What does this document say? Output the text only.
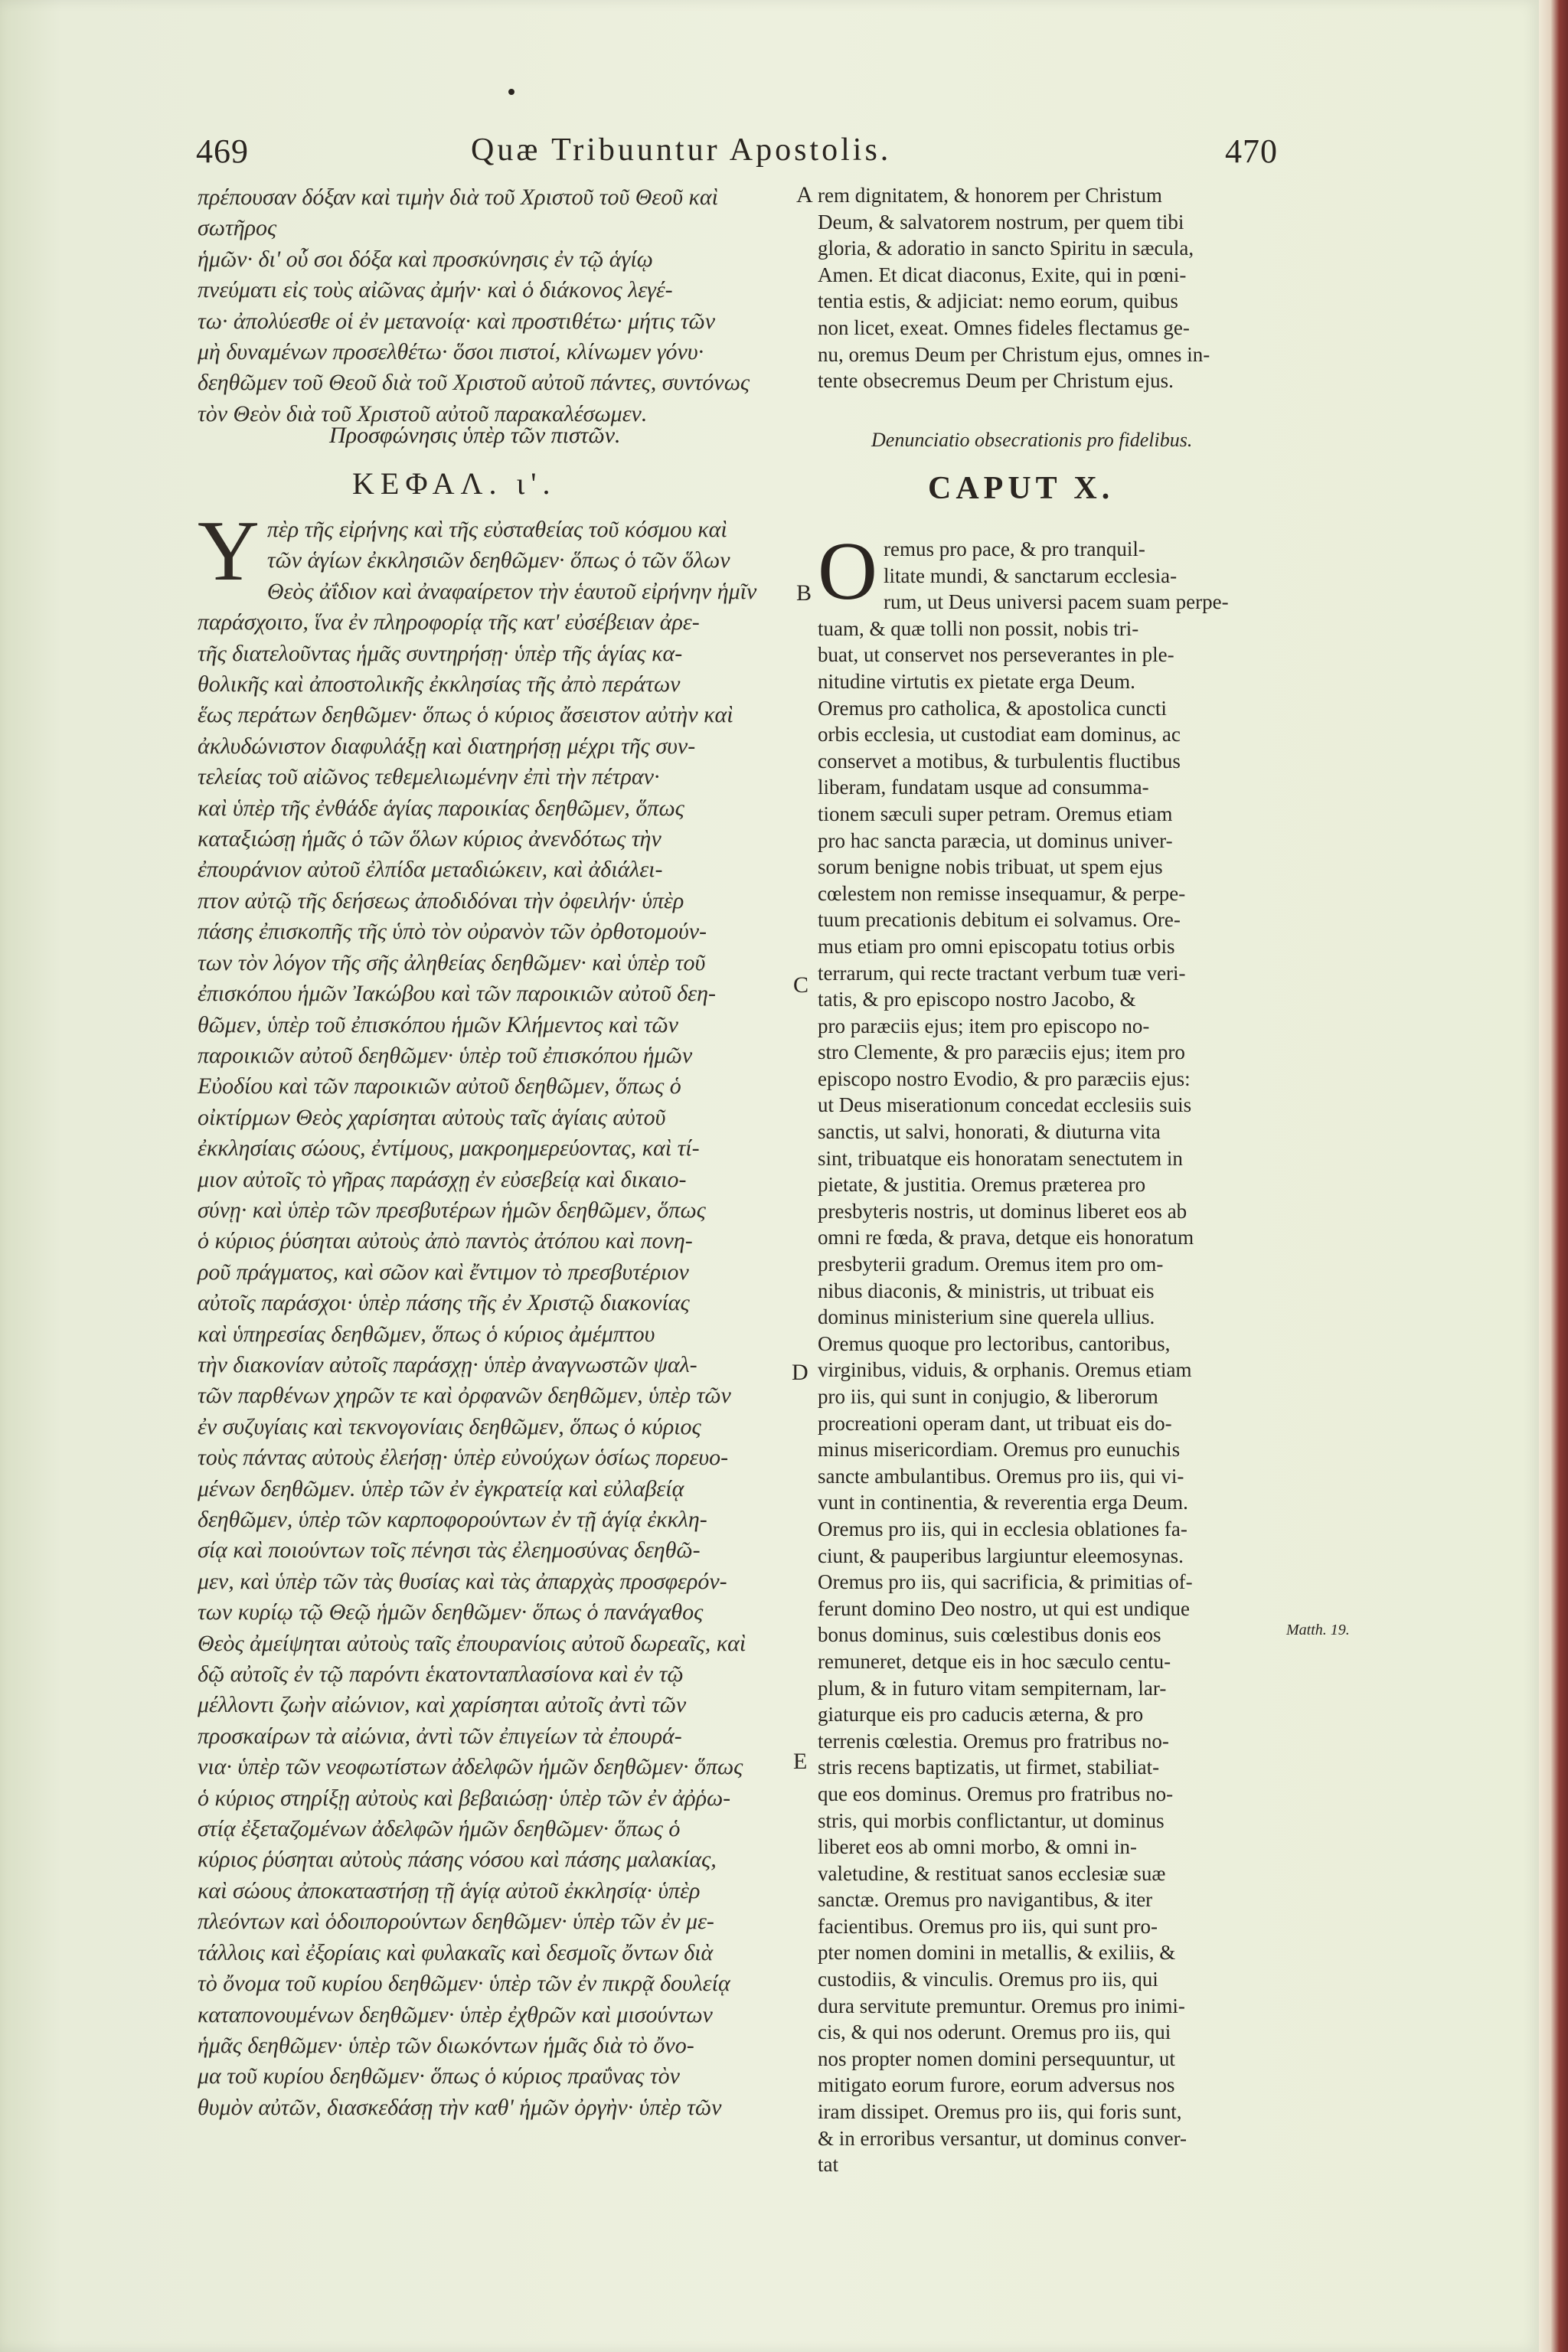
469	Quæ Tribuuntur Apostolis.	470

πρέπουσαν δόξαν καὶ τιμὴν διὰ τοῦ Χριστοῦ τοῦ Θεοῦ καὶ σωτῆρος
ἡμῶν· δι' οὗ σοι δόξα καὶ προσκύνησις ἐν τῷ ἁγίῳ
πνεύματι εἰς τοὺς αἰῶνας ἀμήν· καὶ ὁ διάκονος λεγέ-
τω· ἀπολύεσθε οἱ ἐν μετανοίᾳ· καὶ προστιθέτω· μήτις τῶν
μὴ δυναμένων προσελθέτω· ὅσοι πιστοί, κλίνωμεν γόνυ·
δεηθῶμεν τοῦ Θεοῦ διὰ τοῦ Χριστοῦ αὐτοῦ πάντες, συντόνως
τὸν Θεὸν διὰ τοῦ Χριστοῦ αὐτοῦ παρακαλέσωμεν.

Προσφώνησις ὑπὲρ τῶν πιστῶν.
ΚΕΦΑΛ. ι'.
Υ πὲρ τῆς εἰρήνης καὶ τῆς εὐσταθείας τοῦ κόσμου καὶ
τῶν ἁγίων ἐκκλησιῶν δεηθῶμεν· ὅπως ὁ τῶν ὅλων
Θεὸς ἀΐδιον καὶ ἀναφαίρετον τὴν ἑαυτοῦ εἰρήνην ἡμῖν
παράσχοιτο, ἵνα ἐν πληροφορίᾳ τῆς κατ' εὐσέβειαν ἀρε-
τῆς διατελοῦντας ἡμᾶς συντηρήσῃ· ὑπὲρ τῆς ἁγίας κα-
θολικῆς καὶ ἀποστολικῆς ἐκκλησίας τῆς ἀπὸ περάτων
ἕως περάτων δεηθῶμεν· ὅπως ὁ κύριος ἄσειστον αὐτὴν καὶ
ἀκλυδώνιστον διαφυλάξῃ καὶ διατηρήσῃ μέχρι τῆς συν-
τελείας τοῦ αἰῶνος τεθεμελιωμένην ἐπὶ τὴν πέτραν·
καὶ ὑπὲρ τῆς ἐνθάδε ἁγίας παροικίας δεηθῶμεν, ὅπως
καταξιώσῃ ἡμᾶς ὁ τῶν ὅλων κύριος ἀνενδότως τὴν
ἐπουράνιον αὐτοῦ ἐλπίδα μεταδιώκειν, καὶ ἀδιάλει-
πτον αὐτῷ τῆς δεήσεως ἀποδιδόναι τὴν ὀφειλήν· ὑπὲρ
πάσης ἐπισκοπῆς τῆς ὑπὸ τὸν οὐρανὸν τῶν ὀρθοτομούν-
των τὸν λόγον τῆς σῆς ἀληθείας δεηθῶμεν· καὶ ὑπὲρ τοῦ
ἐπισκόπου ἡμῶν Ἰακώβου καὶ τῶν παροικιῶν αὐτοῦ δεη-
θῶμεν, ὑπὲρ τοῦ ἐπισκόπου ἡμῶν Κλήμεντος καὶ τῶν
παροικιῶν αὐτοῦ δεηθῶμεν· ὑπὲρ τοῦ ἐπισκόπου ἡμῶν
Εὐοδίου καὶ τῶν παροικιῶν αὐτοῦ δεηθῶμεν, ὅπως ὁ
οἰκτίρμων Θεὸς χαρίσηται αὐτοὺς ταῖς ἁγίαις αὐτοῦ
ἐκκλησίαις σώους, ἐντίμους, μακροημερεύοντας, καὶ τί-
μιον αὐτοῖς τὸ γῆρας παράσχῃ ἐν εὐσεβείᾳ καὶ δικαιο-
σύνῃ· καὶ ὑπὲρ τῶν πρεσβυτέρων ἡμῶν δεηθῶμεν, ὅπως
ὁ κύριος ῥύσηται αὐτοὺς ἀπὸ παντὸς ἀτόπου καὶ πονη-
ροῦ πράγματος, καὶ σῶον καὶ ἔντιμον τὸ πρεσβυτέριον
αὐτοῖς παράσχοι· ὑπὲρ πάσης τῆς ἐν Χριστῷ διακονίας
καὶ ὑπηρεσίας δεηθῶμεν, ὅπως ὁ κύριος ἀμέμπτου
τὴν διακονίαν αὐτοῖς παράσχῃ· ὑπὲρ ἀναγνωστῶν ψαλ-
τῶν παρθένων χηρῶν τε καὶ ὀρφανῶν δεηθῶμεν, ὑπὲρ τῶν
ἐν συζυγίαις καὶ τεκνογονίαις δεηθῶμεν, ὅπως ὁ κύριος
τοὺς πάντας αὐτοὺς ἐλεήσῃ· ὑπὲρ εὐνούχων ὁσίως πορευο-
μένων δεηθῶμεν. ὑπὲρ τῶν ἐν ἐγκρατείᾳ καὶ εὐλαβείᾳ
δεηθῶμεν, ὑπὲρ τῶν καρποφορούντων ἐν τῇ ἁγίᾳ ἐκκλη-
σίᾳ καὶ ποιούντων τοῖς πένησι τὰς ἐλεημοσύνας δεηθῶ-
μεν, καὶ ὑπὲρ τῶν τὰς θυσίας καὶ τὰς ἀπαρχὰς προσφερόν-
των κυρίῳ τῷ Θεῷ ἡμῶν δεηθῶμεν· ὅπως ὁ πανάγαθος
Θεὸς ἀμείψηται αὐτοὺς ταῖς ἐπουρανίοις αὐτοῦ δωρεαῖς, καὶ
δῷ αὐτοῖς ἐν τῷ παρόντι ἑκατονταπλασίονα καὶ ἐν τῷ
μέλλοντι ζωὴν αἰώνιον, καὶ χαρίσηται αὐτοῖς ἀντὶ τῶν
προσκαίρων τὰ αἰώνια, ἀντὶ τῶν ἐπιγείων τὰ ἐπουρά-
νια· ὑπὲρ τῶν νεοφωτίστων ἀδελφῶν ἡμῶν δεηθῶμεν· ὅπως
ὁ κύριος στηρίξῃ αὐτοὺς καὶ βεβαιώσῃ· ὑπὲρ τῶν ἐν ἀῤῥω-
στίᾳ ἐξεταζομένων ἀδελφῶν ἡμῶν δεηθῶμεν· ὅπως ὁ
κύριος ῥύσηται αὐτοὺς πάσης νόσου καὶ πάσης μαλακίας,
καὶ σώους ἀποκαταστήσῃ τῇ ἁγίᾳ αὐτοῦ ἐκκλησίᾳ· ὑπὲρ
πλεόντων καὶ ὁδοιπορούντων δεηθῶμεν· ὑπὲρ τῶν ἐν με-
τάλλοις καὶ ἐξορίαις καὶ φυλακαῖς καὶ δεσμοῖς ὄντων διὰ
τὸ ὄνομα τοῦ κυρίου δεηθῶμεν· ὑπὲρ τῶν ἐν πικρᾷ δουλείᾳ
καταπονουμένων δεηθῶμεν· ὑπὲρ ἐχθρῶν καὶ μισούντων
ἡμᾶς δεηθῶμεν· ὑπὲρ τῶν διωκόντων ἡμᾶς διὰ τὸ ὄνο-
μα τοῦ κυρίου δεηθῶμεν· ὅπως ὁ κύριος πραΰνας τὸν
θυμὸν αὐτῶν, διασκεδάσῃ τὴν καθ' ἡμῶν ὀργὴν· ὑπὲρ τῶν

A
B
C
D
E

rem dignitatem, & honorem per Christum
Deum, & salvatorem nostrum, per quem tibi
gloria, & adoratio in sancto Spiritu in sæcula,
Amen. Et dicat diaconus, Exite, qui in pœni-
tentia estis, & adjiciat: nemo eorum, quibus
non licet, exeat. Omnes fideles flectamus ge-
nu, oremus Deum per Christum ejus, omnes in-
tente obsecremus Deum per Christum ejus.

Denunciatio obsecrationis pro fidelibus.
CAPUT X.
O remus pro pace, & pro tranquil-
litate mundi, & sanctarum ecclesia-
rum, ut Deus universi pacem suam perpe-
tuam, & quæ tolli non possit, nobis tri-
buat, ut conservet nos perseverantes in ple-
nitudine virtutis ex pietate erga Deum.
Oremus pro catholica, & apostolica cuncti
orbis ecclesia, ut custodiat eam dominus, ac
conservet a motibus, & turbulentis fluctibus
liberam, fundatam usque ad consumma-
tionem sæculi super petram. Oremus etiam
pro hac sancta paræcia, ut dominus univer-
sorum benigne nobis tribuat, ut spem ejus
cœlestem non remisse insequamur, & perpe-
tuum precationis debitum ei solvamus. Ore-
mus etiam pro omni episcopatu totius orbis
terrarum, qui recte tractant verbum tuæ veri-
tatis, & pro episcopo nostro Jacobo, &
pro paræciis ejus; item pro episcopo no-
stro Clemente, & pro paræciis ejus; item pro
episcopo nostro Evodio, & pro paræciis ejus:
ut Deus miserationum concedat ecclesiis suis
sanctis, ut salvi, honorati, & diuturna vita
sint, tribuatque eis honoratam senectutem in
pietate, & justitia. Oremus præterea pro
presbyteris nostris, ut dominus liberet eos ab
omni re fœda, & prava, detque eis honoratum
presbyterii gradum. Oremus item pro om-
nibus diaconis, & ministris, ut tribuat eis
dominus ministerium sine querela ullius.
Oremus quoque pro lectoribus, cantoribus,
virginibus, viduis, & orphanis. Oremus etiam
pro iis, qui sunt in conjugio, & liberorum
procreationi operam dant, ut tribuat eis do-
minus misericordiam. Oremus pro eunuchis
sancte ambulantibus. Oremus pro iis, qui vi-
vunt in continentia, & reverentia erga Deum.
Oremus pro iis, qui in ecclesia oblationes fa-
ciunt, & pauperibus largiuntur eleemosynas.
Oremus pro iis, qui sacrificia, & primitias of-
ferunt domino Deo nostro, ut qui est undique
bonus dominus, suis cœlestibus donis eos
remuneret, detque eis in hoc sæculo centu-
plum, & in futuro vitam sempiternam, lar-
giaturque eis pro caducis æterna, & pro
terrenis cœlestia. Oremus pro fratribus no-
stris recens baptizatis, ut firmet, stabiliat-
que eos dominus. Oremus pro fratribus no-
stris, qui morbis conflictantur, ut dominus
liberet eos ab omni morbo, & omni in-
valetudine, & restituat sanos ecclesiæ suæ
sanctæ. Oremus pro navigantibus, & iter
facientibus. Oremus pro iis, qui sunt pro-
pter nomen domini in metallis, & exiliis, &
custodiis, & vinculis. Oremus pro iis, qui
dura servitute premuntur. Oremus pro inimi-
cis, & qui nos oderunt. Oremus pro iis, qui
nos propter nomen domini persequuntur, ut
mitigato eorum furore, eorum adversus nos
iram dissipet. Oremus pro iis, qui foris sunt,
& in erroribus versantur, ut dominus conver-
tat

Matth. 19.
